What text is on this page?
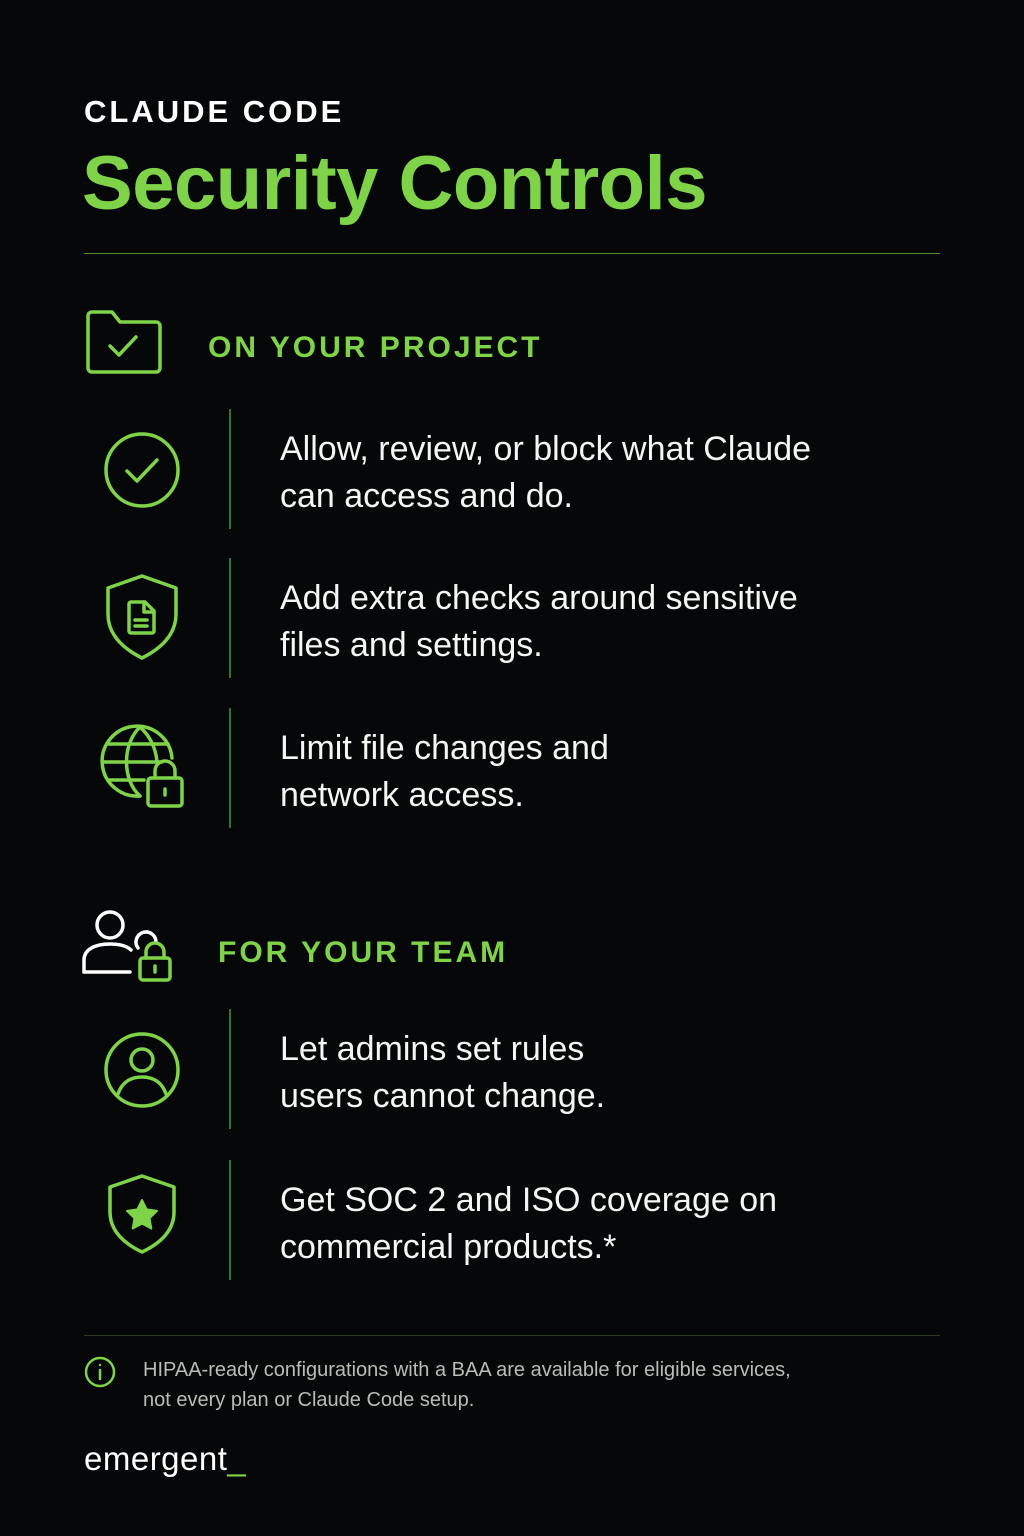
CLAUDE CODE
Security Controls
ON YOUR PROJECT
Allow, review, or block what Claude
can access and do.
Add extra checks around sensitive
files and settings.
Limit file changes and
network access.
FOR YOUR TEAM
Let admins set rules
users cannot change.
Get SOC 2 and ISO coverage on
commercial products.*
HIPAA-ready configurations with a BAA are available for eligible services,
not every plan or Claude Code setup.
emergent_
